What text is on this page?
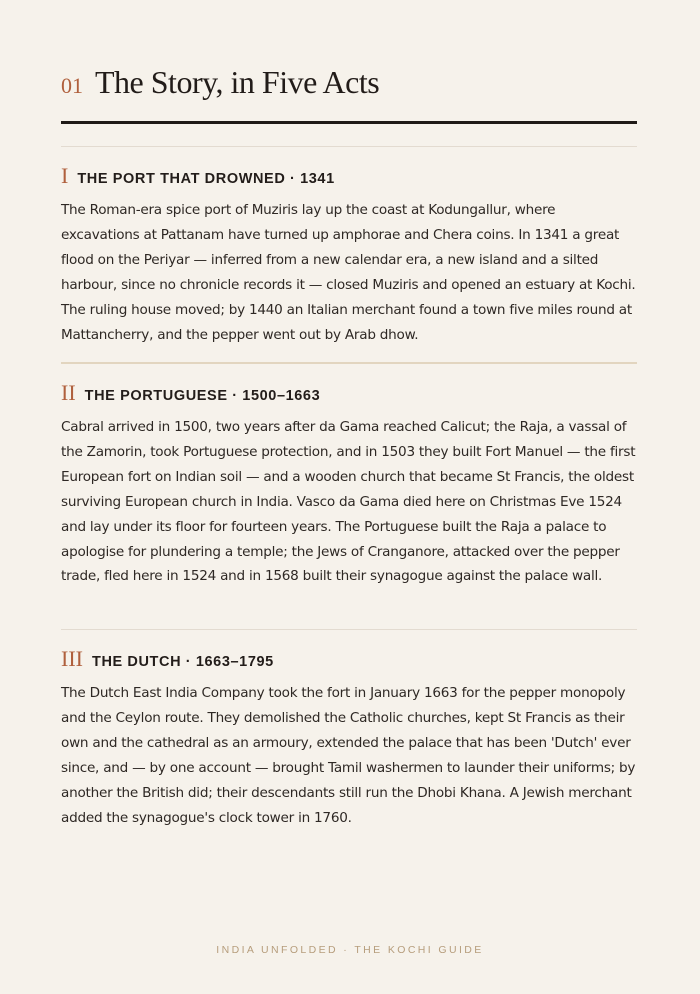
01 The Story, in Five Acts
I THE PORT THAT DROWNED · 1341

The Roman-era spice port of Muziris lay up the coast at Kodungallur, where excavations at Pattanam have turned up amphorae and Chera coins. In 1341 a great flood on the Periyar — inferred from a new calendar era, a new island and a silted harbour, since no chronicle records it — closed Muziris and opened an estuary at Kochi. The ruling house moved; by 1440 an Italian merchant found a town five miles round at Mattancherry, and the pepper went out by Arab dhow.

II THE PORTUGUESE · 1500–1663

Cabral arrived in 1500, two years after da Gama reached Calicut; the Raja, a vassal of the Zamorin, took Portuguese protection, and in 1503 they built Fort Manuel — the first European fort on Indian soil — and a wooden church that became St Francis, the oldest surviving European church in India. Vasco da Gama died here on Christmas Eve 1524 and lay under its floor for fourteen years. The Portuguese built the Raja a palace to apologise for plundering a temple; the Jews of Cranganore, attacked over the pepper trade, fled here in 1524 and in 1568 built their synagogue against the palace wall.

III THE DUTCH · 1663–1795

The Dutch East India Company took the fort in January 1663 for the pepper monopoly and the Ceylon route. They demolished the Catholic churches, kept St Francis as their own and the cathedral as an armoury, extended the palace that has been 'Dutch' ever since, and — by one account — brought Tamil washermen to launder their uniforms; by another the British did; their descendants still run the Dhobi Khana. A Jewish merchant added the synagogue's clock tower in 1760.

INDIA UNFOLDED · THE KOCHI GUIDE
